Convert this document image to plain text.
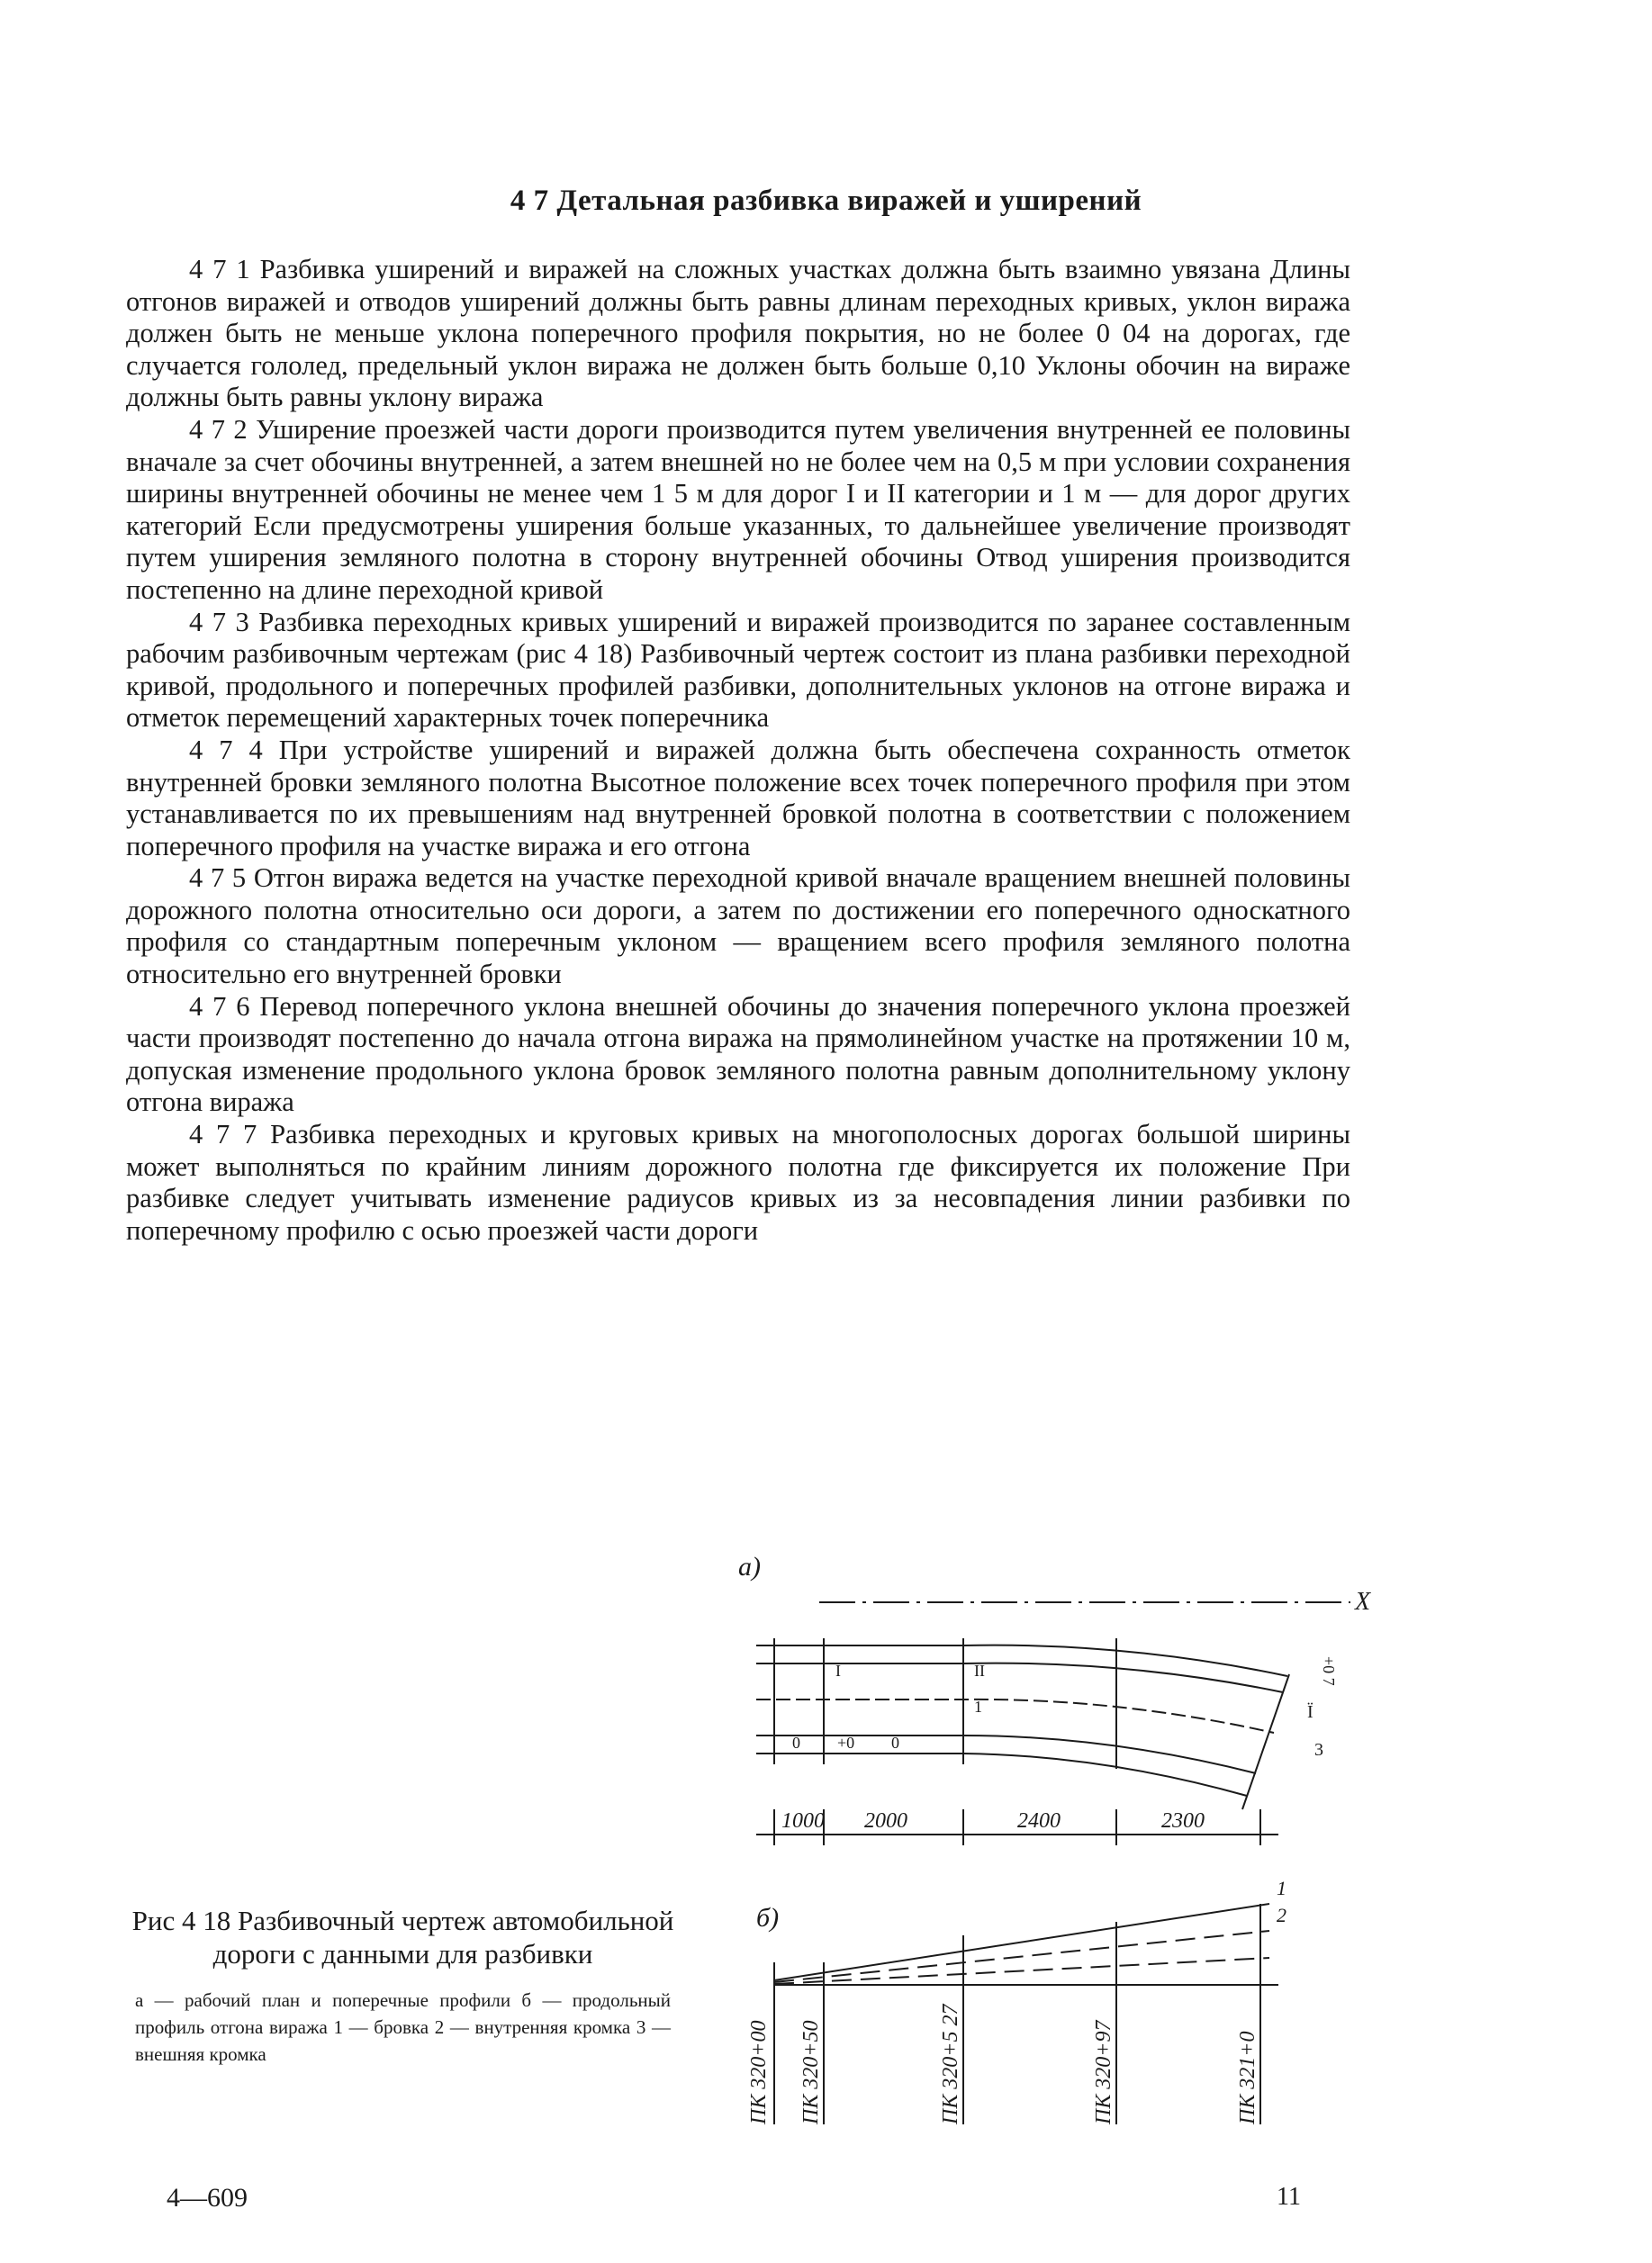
4 7 Детальная разбивка виражей и уширений

4 7 1 Разбивка уширений и виражей на сложных участках должна быть взаимно увязана Длины отгонов виражей и отводов уширений должны быть равны длинам переходных кривых, уклон виража должен быть не меньше уклона поперечного профиля покрытия, но не более 0 04 на дорогах, где случается гололед, предельный уклон виража не должен быть больше 0,10 Уклоны обочин на вираже должны быть равны уклону виража

4 7 2 Уширение проезжей части дороги производится путем увеличения внутренней ее половины вначале за счет обочины внутренней, а затем внешней но не более чем на 0,5 м при условии сохранения ширины внутренней обочины не менее чем 1 5 м для дорог I и II категории и 1 м — для дорог других категорий Если предусмотрены уширения больше указанных, то дальнейшее увеличение производят путем уширения земляного полотна в сторону внутренней обочины Отвод уширения производится постепенно на длине переходной кривой

4 7 3 Разбивка переходных кривых уширений и виражей производится по заранее составленным рабочим разбивочным чертежам (рис 4 18) Разбивочный чертеж состоит из плана разбивки переходной кривой, продольного и поперечных профилей разбивки, дополнительных уклонов на отгоне виража и отметок перемещений характерных точек поперечника

4 7 4 При устройстве уширений и виражей должна быть обеспечена сохранность отметок внутренней бровки земляного полотна Высотное положение всех точек поперечного профиля при этом устанавливается по их превышениям над внутренней бровкой полотна в соответствии с положением поперечного профиля на участке виража и его отгона

4 7 5 Отгон виража ведется на участке переходной кривой вначале вращением внешней половины дорожного полотна относительно оси дороги, а затем по достижении его поперечного односкатного профиля со стандартным поперечным уклоном — вращением всего профиля земляного полотна относительно его внутренней бровки

4 7 6 Перевод поперечного уклона внешней обочины до значения поперечного уклона проезжей части производят постепенно до начала отгона виража на прямолинейном участке на протяжении 10 м, допуская изменение продольного уклона бровок земляного полотна равным дополнительному уклону отгона виража

4 7 7 Разбивка переходных и круговых кривых на многополосных дорогах большой ширины может выполняться по крайним линиям дорожного полотна где фиксируется их положение При разбивке следует учитывать изменение радиусов кривых из за несовпадения линии разбивки по поперечному профилю с осью проезжей части дороги

а)
X
+0 7
Ϊ
3
I	II
1
0 +0 0
1000 2000	2400	2300
б)
1
2
ПК 320+00 ПК 320+50	ПК 320+5 27	ПК 320+97	ПК 321+0
Рис 4 18 Разбивочный чертеж автомобильной дороги с данными для разбивки
а — рабочий план и поперечные профили б — продольный профиль отгона виража 1 — бровка 2 — внутренняя кромка 3 — внешняя кромка
4—609	11
